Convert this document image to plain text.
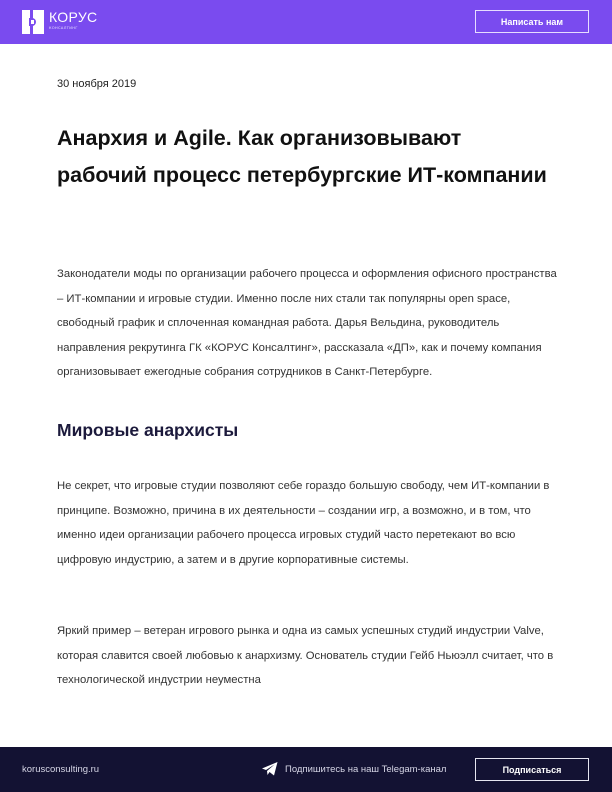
КОРУС
КОНСАЛТИНГ
Написать нам
30 ноября 2019
Анархия и Agile. Как организовывают рабочий процесс петербургские ИТ-компании

Законодатели моды по организации рабочего процесса и оформления офисного пространства – ИТ-компании и игровые студии. Именно после них стали так популярны open space, свободный график и сплоченная командная работа. Дарья Вельдина, руководитель направления рекрутинга ГК «КОРУС Консалтинг», рассказала «ДП», как и почему компания организовывает ежегодные собрания сотрудников в Санкт-Петербурге.

Мировые анархисты

Не секрет, что игровые студии позволяют себе гораздо большую свободу, чем ИТ-компании в принципе. Возможно, причина в их деятельности – создании игр, а возможно, и в том, что именно идеи организации рабочего процесса игровых студий часто перетекают во всю цифровую индустрию, а затем и в другие корпоративные системы.

Яркий пример – ветеран игрового рынка и одна из самых успешных студий индустрии Valve, которая славится своей любовью к анархизму. Основатель студии Гейб Ньюэлл считает, что в технологической индустрии неуместна

korusconsulting.ru	Подпишитесь на наш Telegam-канал	Подписаться
